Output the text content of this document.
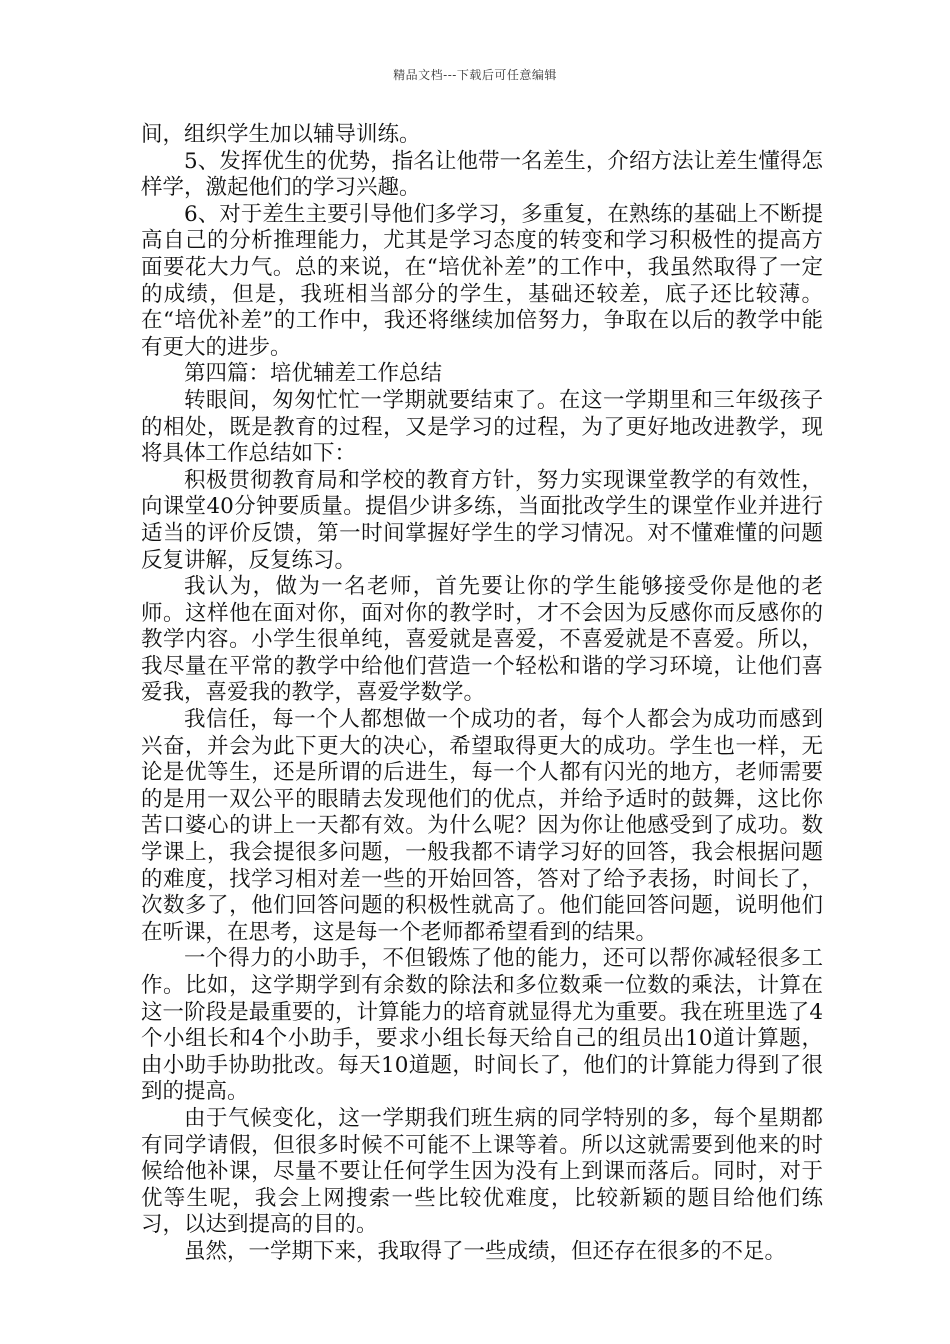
精品文档---下载后可任意编辑

间，组织学生加以辅导训练。

5、发挥优生的优势，指名让他带一名差生，介绍方法让差生懂得怎样学，激起他们的学习兴趣。

6、对于差生主要引导他们多学习，多重复，在熟练的基础上不断提高自己的分析推理能力，尤其是学习态度的转变和学习积极性的提高方面要花大力气。总的来说，在“培优补差”的工作中，我虽然取得了一定的成绩，但是，我班相当部分的学生，基础还较差，底子还比较薄。在“培优补差”的工作中，我还将继续加倍努力，争取在以后的教学中能有更大的进步。

第四篇：培优辅差工作总结

转眼间，匆匆忙忙一学期就要结束了。在这一学期里和三年级孩子的相处，既是教育的过程，又是学习的过程，为了更好地改进教学，现将具体工作总结如下：

积极贯彻教育局和学校的教育方针，努力实现课堂教学的有效性，向课堂40分钟要质量。提倡少讲多练，当面批改学生的课堂作业并进行适当的评价反馈，第一时间掌握好学生的学习情况。对不懂难懂的问题反复讲解，反复练习。

我认为，做为一名老师，首先要让你的学生能够接受你是他的老师。这样他在面对你，面对你的教学时，才不会因为反感你而反感你的教学内容。小学生很单纯，喜爱就是喜爱，不喜爱就是不喜爱。所以，我尽量在平常的教学中给他们营造一个轻松和谐的学习环境，让他们喜爱我，喜爱我的教学，喜爱学数学。

我信任，每一个人都想做一个成功的者，每个人都会为成功而感到兴奋，并会为此下更大的决心，希望取得更大的成功。学生也一样，无论是优等生，还是所谓的后进生，每一个人都有闪光的地方，老师需要的是用一双公平的眼睛去发现他们的优点，并给予适时的鼓舞，这比你苦口婆心的讲上一天都有效。为什么呢？因为你让他感受到了成功。数学课上，我会提很多问题，一般我都不请学习好的回答，我会根据问题的难度，找学习相对差一些的开始回答，答对了给予表扬，时间长了，次数多了，他们回答问题的积极性就高了。他们能回答问题，说明他们在听课，在思考，这是每一个老师都希望看到的结果。

一个得力的小助手，不但锻炼了他的能力，还可以帮你减轻很多工作。比如，这学期学到有余数的除法和多位数乘一位数的乘法，计算在这一阶段是最重要的，计算能力的培育就显得尤为重要。我在班里选了4个小组长和4个小助手，要求小组长每天给自己的组员出10道计算题，由小助手协助批改。每天10道题，时间长了，他们的计算能力得到了很到的提高。

由于气候变化，这一学期我们班生病的同学特别的多，每个星期都有同学请假，但很多时候不可能不上课等着。所以这就需要到他来的时候给他补课，尽量不要让任何学生因为没有上到课而落后。同时，对于优等生呢，我会上网搜索一些比较优难度，比较新颖的题目给他们练习，以达到提高的目的。

虽然，一学期下来，我取得了一些成绩，但还存在很多的不足。
